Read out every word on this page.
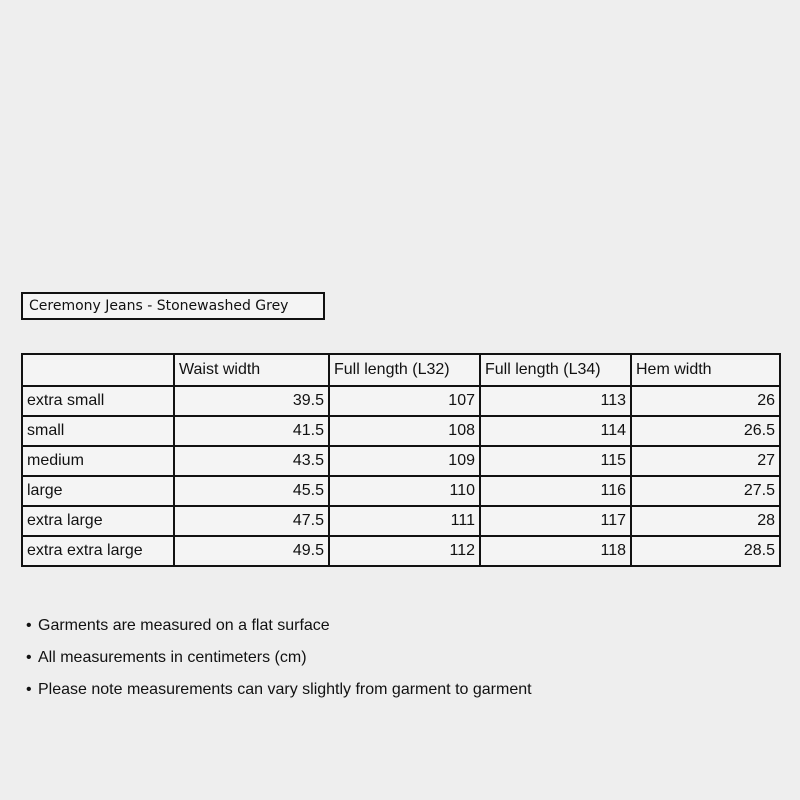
Ceremony Jeans - Stonewashed Grey
	Waist width	Full length (L32)	Full length (L34)	Hem width
extra small	39.5	107	113	26
small	41.5	108	114	26.5
medium	43.5	109	115	27
large	45.5	110	116	27.5
extra large	47.5	111	117	28
extra extra large	49.5	112	118	28.5
• Garments are measured on a flat surface
• All measurements in centimeters (cm)
• Please note measurements can vary slightly from garment to garment
